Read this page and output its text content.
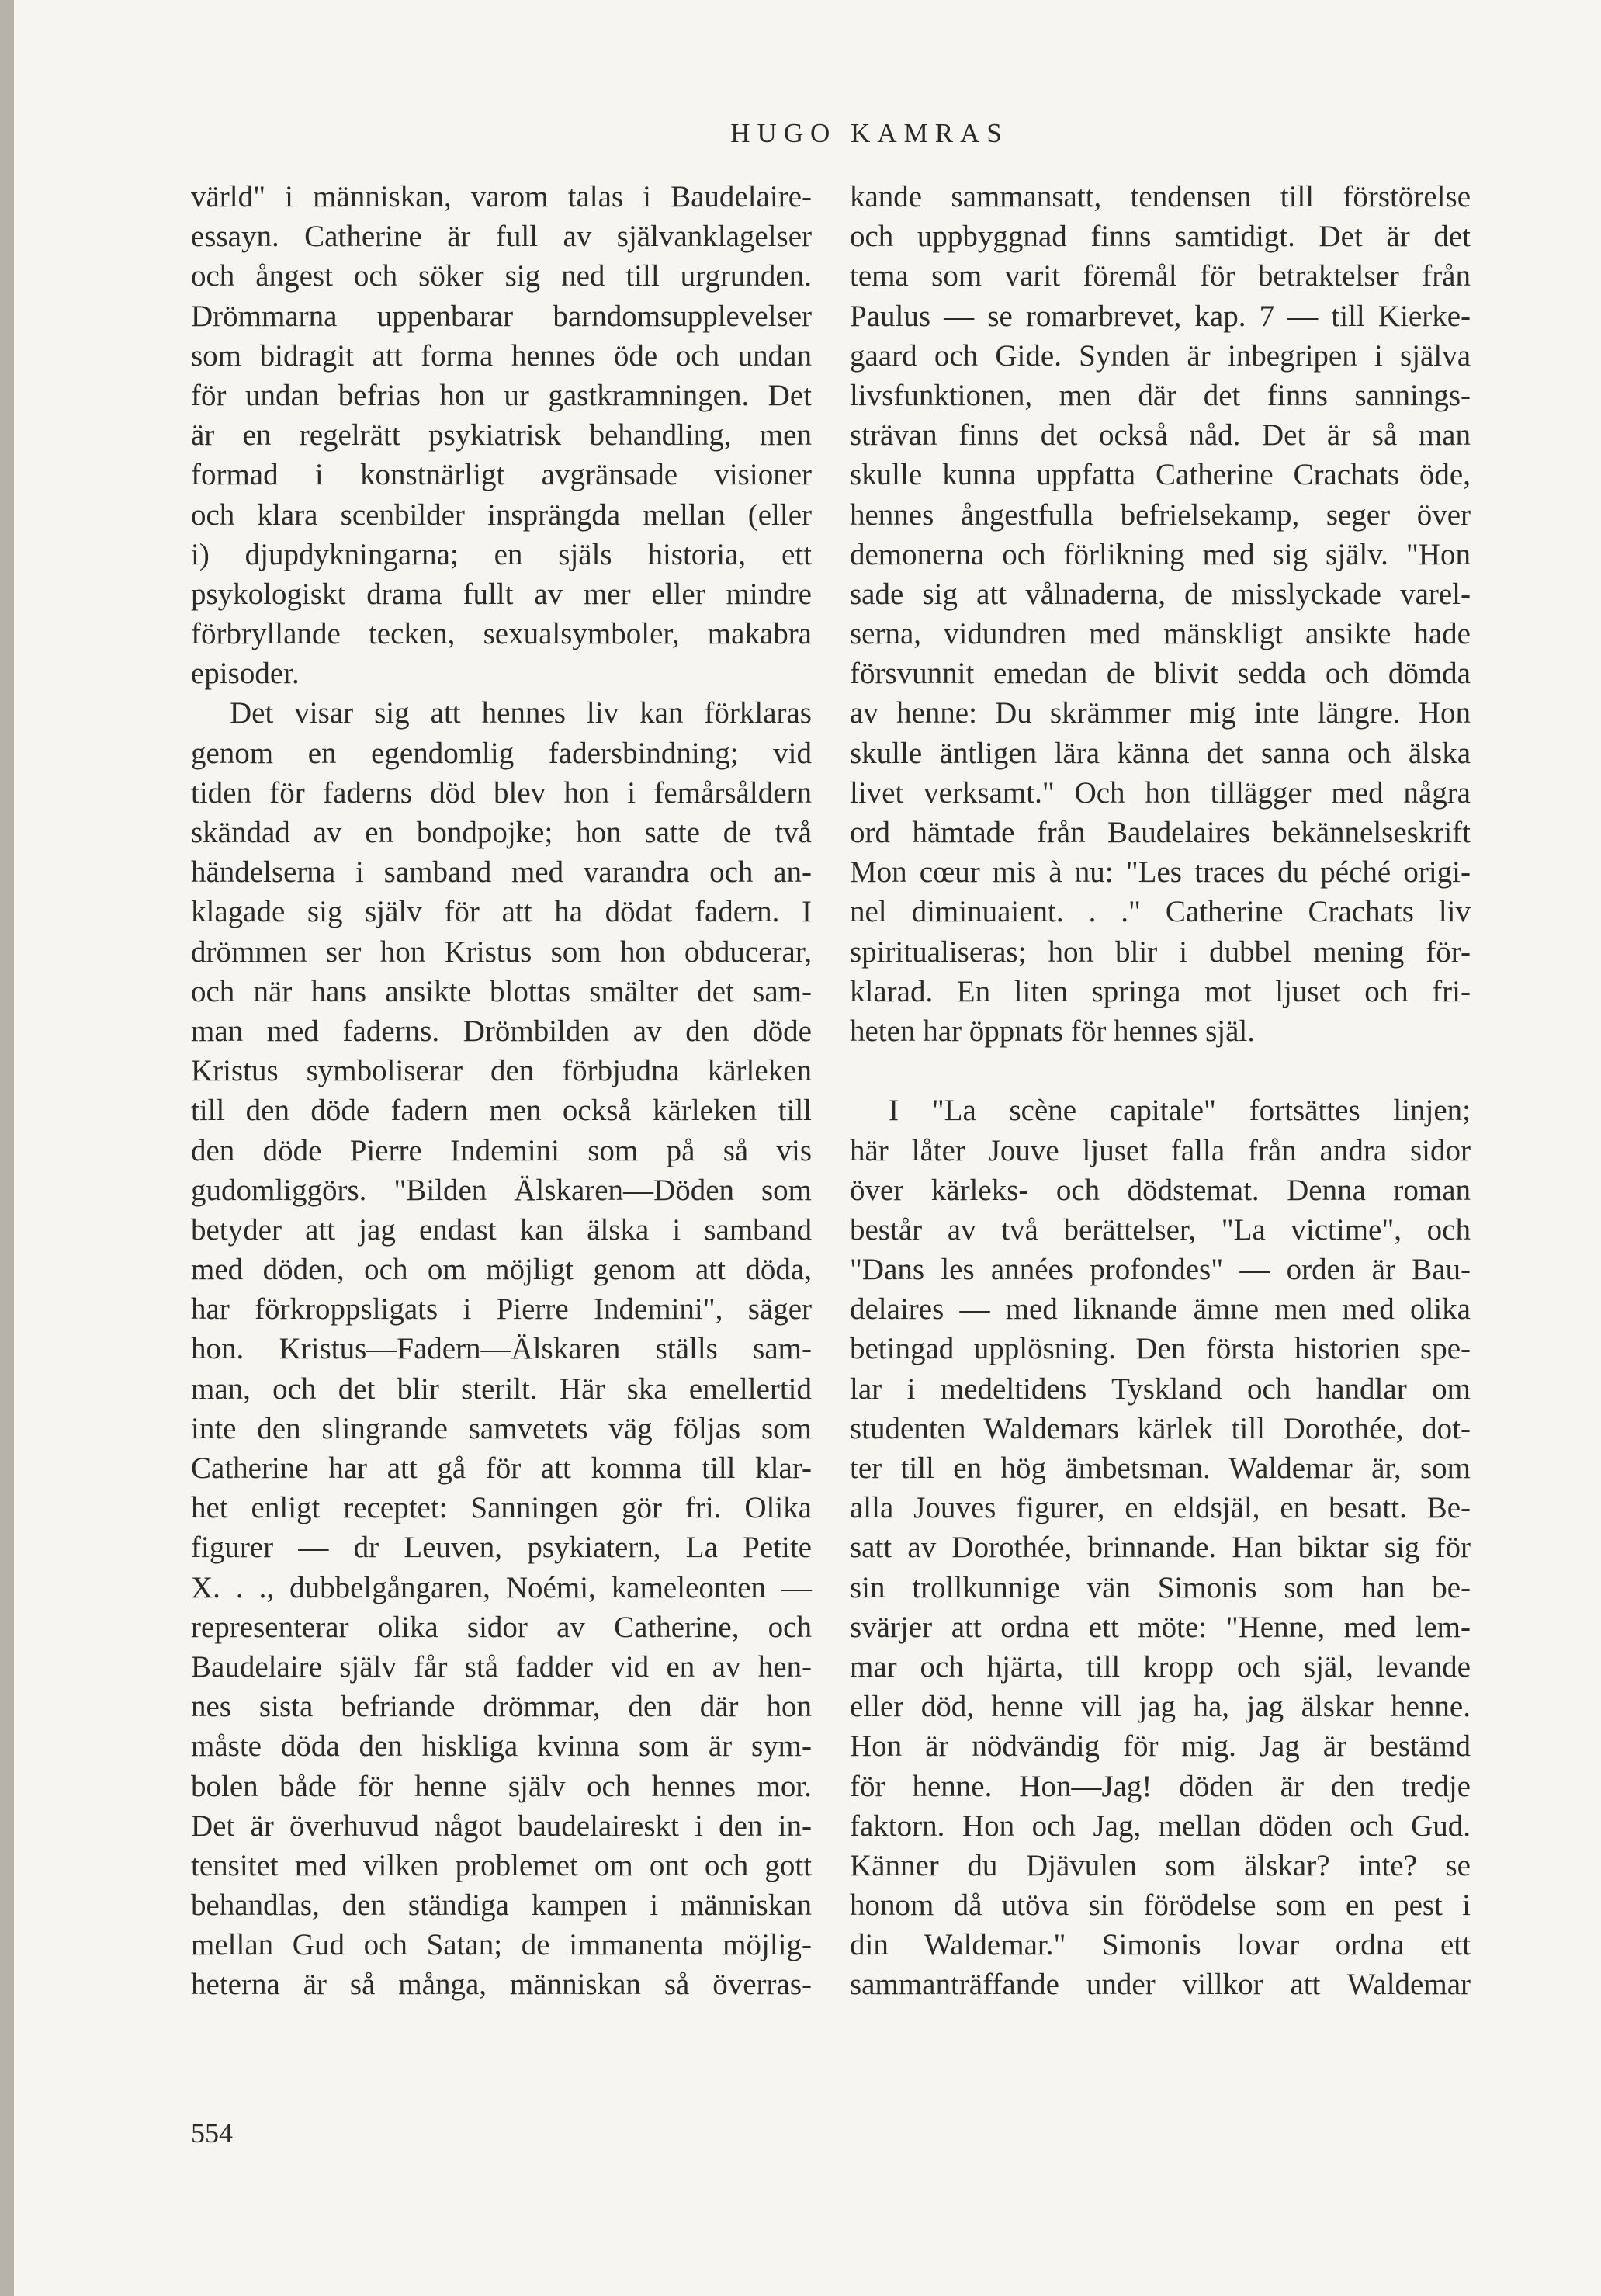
HUGO KAMRAS
värld" i människan, varom talas i Baudelaire-
essayn. Catherine är full av självanklagelser
och ångest och söker sig ned till urgrunden.
Drömmarna uppenbarar barndomsupplevelser
som bidragit att forma hennes öde och undan
för undan befrias hon ur gastkramningen. Det
är en regelrätt psykiatrisk behandling, men
formad i konstnärligt avgränsade visioner
och klara scenbilder insprängda mellan (eller
i) djupdykningarna; en själs historia, ett
psykologiskt drama fullt av mer eller mindre
förbryllande tecken, sexualsymboler, makabra
episoder.
Det visar sig att hennes liv kan förklaras
genom en egendomlig fadersbindning; vid
tiden för faderns död blev hon i femårsåldern
skändad av en bondpojke; hon satte de två
händelserna i samband med varandra och an-
klagade sig själv för att ha dödat fadern. I
drömmen ser hon Kristus som hon obducerar,
och när hans ansikte blottas smälter det sam-
man med faderns. Drömbilden av den döde
Kristus symboliserar den förbjudna kärleken
till den döde fadern men också kärleken till
den döde Pierre Indemini som på så vis
gudomliggörs. "Bilden Älskaren—Döden som
betyder att jag endast kan älska i samband
med döden, och om möjligt genom att döda,
har förkroppsligats i Pierre Indemini", säger
hon. Kristus—Fadern—Älskaren ställs sam-
man, och det blir sterilt. Här ska emellertid
inte den slingrande samvetets väg följas som
Catherine har att gå för att komma till klar-
het enligt receptet: Sanningen gör fri. Olika
figurer — dr Leuven, psykiatern, La Petite
X. . ., dubbelgångaren, Noémi, kameleonten —
representerar olika sidor av Catherine, och
Baudelaire själv får stå fadder vid en av hen-
nes sista befriande drömmar, den där hon
måste döda den hiskliga kvinna som är sym-
bolen både för henne själv och hennes mor.
Det är överhuvud något baudelaireskt i den in-
tensitet med vilken problemet om ont och gott
behandlas, den ständiga kampen i människan
mellan Gud och Satan; de immanenta möjlig-
heterna är så många, människan så överras-
kande sammansatt, tendensen till förstörelse
och uppbyggnad finns samtidigt. Det är det
tema som varit föremål för betraktelser från
Paulus — se romarbrevet, kap. 7 — till Kierke-
gaard och Gide. Synden är inbegripen i själva
livsfunktionen, men där det finns sannings-
strävan finns det också nåd. Det är så man
skulle kunna uppfatta Catherine Crachats öde,
hennes ångestfulla befrielsekamp, seger över
demonerna och förlikning med sig själv. "Hon
sade sig att vålnaderna, de misslyckade varel-
serna, vidundren med mänskligt ansikte hade
försvunnit emedan de blivit sedda och dömda
av henne: Du skrämmer mig inte längre. Hon
skulle äntligen lära känna det sanna och älska
livet verksamt." Och hon tillägger med några
ord hämtade från Baudelaires bekännelseskrift
Mon cœur mis à nu: "Les traces du péché origi-
nel diminuaient. . ." Catherine Crachats liv
spiritualiseras; hon blir i dubbel mening för-
klarad. En liten springa mot ljuset och fri-
heten har öppnats för hennes själ.
I "La scène capitale" fortsättes linjen;
här låter Jouve ljuset falla från andra sidor
över kärleks- och dödstemat. Denna roman
består av två berättelser, "La victime", och
"Dans les années profondes" — orden är Bau-
delaires — med liknande ämne men med olika
betingad upplösning. Den första historien spe-
lar i medeltidens Tyskland och handlar om
studenten Waldemars kärlek till Dorothée, dot-
ter till en hög ämbetsman. Waldemar är, som
alla Jouves figurer, en eldsjäl, en besatt. Be-
satt av Dorothée, brinnande. Han biktar sig för
sin trollkunnige vän Simonis som han be-
svärjer att ordna ett möte: "Henne, med lem-
mar och hjärta, till kropp och själ, levande
eller död, henne vill jag ha, jag älskar henne.
Hon är nödvändig för mig. Jag är bestämd
för henne. Hon—Jag! döden är den tredje
faktorn. Hon och Jag, mellan döden och Gud.
Känner du Djävulen som älskar? inte? se
honom då utöva sin förödelse som en pest i
din Waldemar." Simonis lovar ordna ett
sammanträffande under villkor att Waldemar
554
